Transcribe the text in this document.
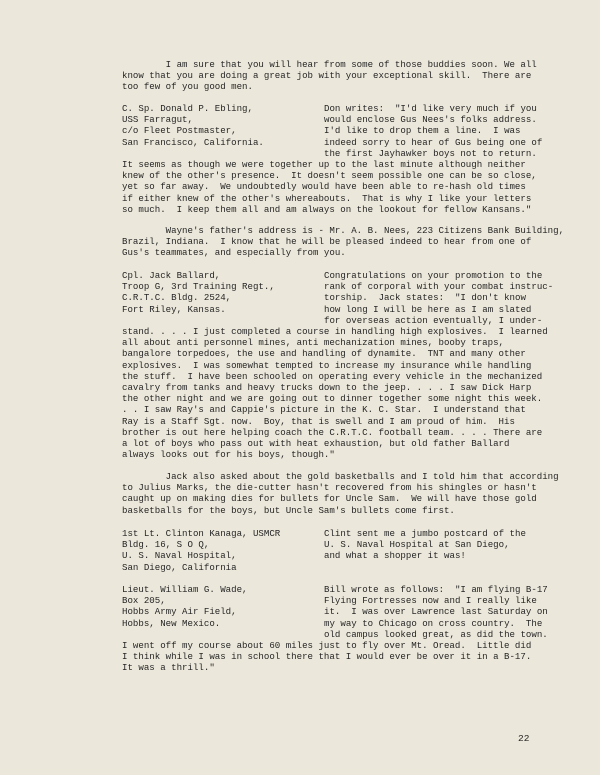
I am sure that you will hear from some of those buddies soon. We all
know that you are doing a great job with your exceptional skill.  There are
too few of you good men.
C. Sp. Donald P. Ebling,
USS Farragut,
c/o Fleet Postmaster,
San Francisco, California.
Don writes:  "I'd like very much if you
would enclose Gus Nees's folks address.
I'd like to drop them a line.  I was
indeed sorry to hear of Gus being one of
the first Jayhawker boys not to return.
It seems as though we were together up to the last minute although neither
knew of the other's presence.  It doesn't seem possible one can be so close,
yet so far away.  We undoubtedly would have been able to re-hash old times
if either knew of the other's whereabouts.  That is why I like your letters
so much.  I keep them all and am always on the lookout for fellow Kansans."
Wayne's father's address is - Mr. A. B. Nees, 223 Citizens Bank Building,
Brazil, Indiana.  I know that he will be pleased indeed to hear from one of
Gus's teammates, and especially from you.
Cpl. Jack Ballard,
Troop G, 3rd Training Regt.,
C.R.T.C. Bldg. 2524,
Fort Riley, Kansas.
Congratulations on your promotion to the
rank of corporal with your combat instruc-
torship.  Jack states:  "I don't know
how long I will be here as I am slated
for overseas action eventually, I under-
stand. . . . I just completed a course in handling high explosives.  I learned
all about anti personnel mines, anti mechanization mines, booby traps,
bangalore torpedoes, the use and handling of dynamite.  TNT and many other
explosives.  I was somewhat tempted to increase my insurance while handling
the stuff.  I have been schooled on operating every vehicle in the mechanized
cavalry from tanks and heavy trucks down to the jeep. . . . I saw Dick Harp
the other night and we are going out to dinner together some night this week.
. . I saw Ray's and Cappie's picture in the K. C. Star.  I understand that
Ray is a Staff Sgt. now.  Boy, that is swell and I am proud of him.  His
brother is out here helping coach the C.R.T.C. football team. . . . There are
a lot of boys who pass out with heat exhaustion, but old father Ballard
always looks out for his boys, though."
Jack also asked about the gold basketballs and I told him that according
to Julius Marks, the die-cutter hasn't recovered from his shingles or hasn't
caught up on making dies for bullets for Uncle Sam.  We will have those gold
basketballs for the boys, but Uncle Sam's bullets come first.
1st Lt. Clinton Kanaga, USMCR
Bldg. 16, S O Q,
U. S. Naval Hospital,
San Diego, California
Clint sent me a jumbo postcard of the
U. S. Naval Hospital at San Diego,
and what a shopper it was!
Lieut. William G. Wade,
Box 205,
Hobbs Army Air Field,
Hobbs, New Mexico.
Bill wrote as follows:  "I am flying B-17
Flying Fortresses now and I really like
it.  I was over Lawrence last Saturday on
my way to Chicago on cross country.  The
old campus looked great, as did the town.
I went off my course about 60 miles just to fly over Mt. Oread.  Little did
I think while I was in school there that I would ever be over it in a B-17.
It was a thrill."
22
